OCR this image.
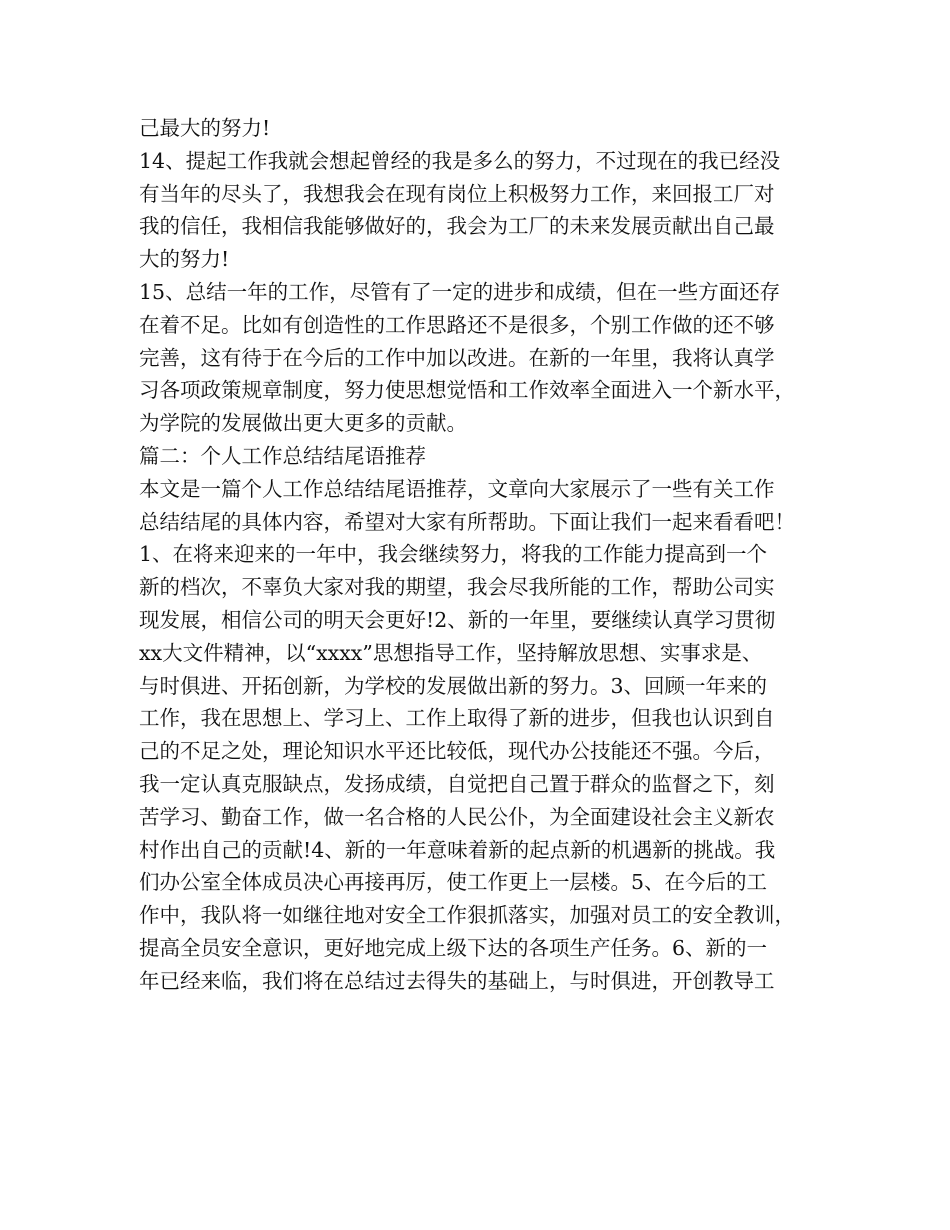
己最大的努力!
14、提起工作我就会想起曾经的我是多么的努力，不过现在的我已经没
有当年的尽头了，我想我会在现有岗位上积极努力工作，来回报工厂对
我的信任，我相信我能够做好的，我会为工厂的未来发展贡献出自己最
大的努力!
15、总结一年的工作，尽管有了一定的进步和成绩，但在一些方面还存
在着不足。比如有创造性的工作思路还不是很多，个别工作做的还不够
完善，这有待于在今后的工作中加以改进。在新的一年里，我将认真学
习各项政策规章制度，努力使思想觉悟和工作效率全面进入一个新水平，
为学院的发展做出更大更多的贡献。
篇二：个人工作总结结尾语推荐
本文是一篇个人工作总结结尾语推荐，文章向大家展示了一些有关工作
总结结尾的具体内容，希望对大家有所帮助。下面让我们一起来看看吧！
1、在将来迎来的一年中，我会继续努力，将我的工作能力提高到一个
新的档次，不辜负大家对我的期望，我会尽我所能的工作，帮助公司实
现发展，相信公司的明天会更好!2、新的一年里，要继续认真学习贯彻
xx大文件精神，以“xxxx”思想指导工作，坚持解放思想、实事求是、
与时俱进、开拓创新，为学校的发展做出新的努力。3、回顾一年来的
工作，我在思想上、学习上、工作上取得了新的进步，但我也认识到自
己的不足之处，理论知识水平还比较低，现代办公技能还不强。今后，
我一定认真克服缺点，发扬成绩，自觉把自己置于群众的监督之下，刻
苦学习、勤奋工作，做一名合格的人民公仆，为全面建设社会主义新农
村作出自己的贡献!4、新的一年意味着新的起点新的机遇新的挑战。我
们办公室全体成员决心再接再厉，使工作更上一层楼。5、在今后的工
作中，我队将一如继往地对安全工作狠抓落实，加强对员工的安全教训，
提高全员安全意识，更好地完成上级下达的各项生产任务。6、新的一
年已经来临，我们将在总结过去得失的基础上，与时俱进，开创教导工
